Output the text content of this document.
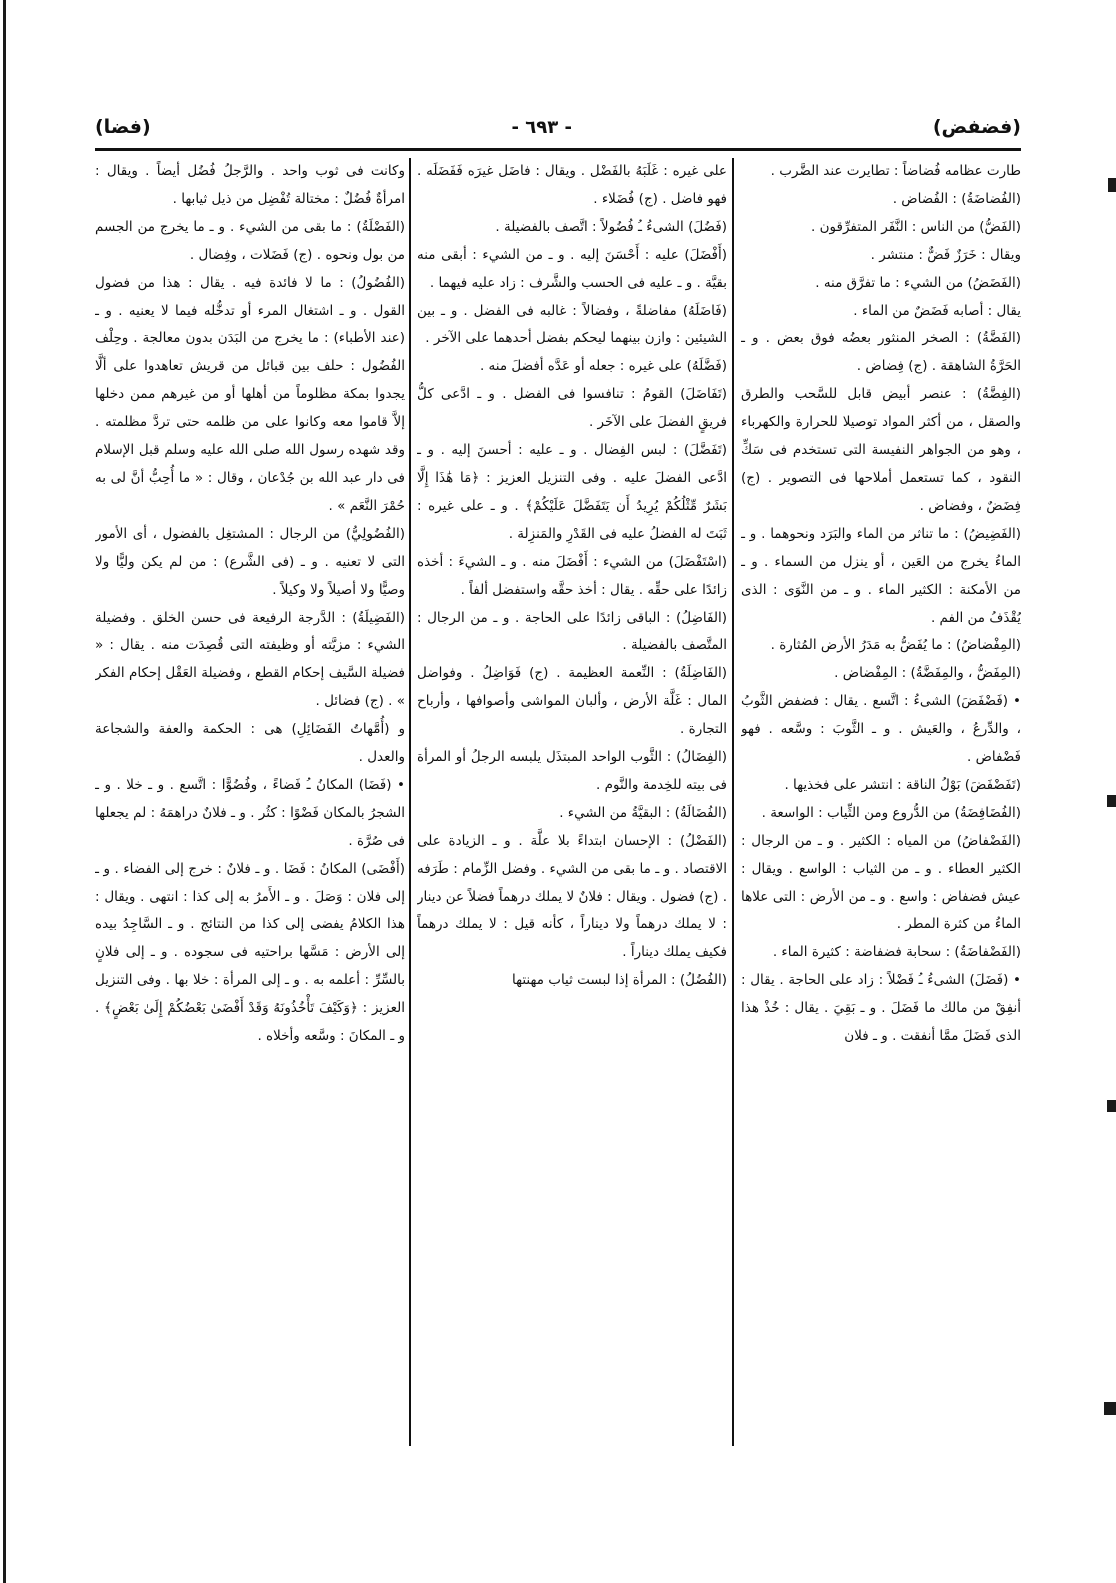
(فضفض)
- ٦٩٣ -
(فضا)

طارت عظامه فُضاضاً : تطايرت عند الضَّرب .

(الفُضاضَةُ) : الفُضاض .

(الفَضُّ) من الناس : النَّفَر المتفرِّقون .

ويقال : خَرَزٌ فَضٌّ : منتشر .

(الفَضَضُ) من الشيء : ما تفرَّق منه .

يقال : أصابه فَضَضٌ من الماء .

(الفَضَّةُ) : الصخر المنثور بعضُه فوق بعض . و ـ الحَرَّةُ الشاهقة . (ج) فِضاض .

(الفِضَّةُ) : عنصر أبيض قابل للسَّحب والطرق والصقل ، من أكثر المواد توصيلا للحرارة والكهرباء ، وهو من الجواهر النفيسة التى تستخدم فى سَكِّ النقود ، كما تستعمل أملاحها فى التصوير . (ج) فِضَضٌ ، وفضاض .

(الفَضِيضُ) : ما تناثر من الماء والبَرَد ونحوهما . و ـ الماءُ يخرج من العَين ، أو ينزل من السماء . و ـ من الأمكنة : الكثير الماء . و ـ من النَّوَى : الذى يُقْذَفُ من الفم .

(المِفْضاضُ) : ما يُفَضُّ به مَدَرُ الأرض المُثارة .

(المِفَضُّ ، والمِفَضَّةُ) : المِفْضاض .

• (فَضْفَضَ) الشىءُ : اتَّسع . يقال : فضفض الثَّوبُ ، والدِّرعُ ، والعَيش . و ـ الثَّوبَ : وسَّعه . فهو فَضْفاض .

(تَفَضْفَضَ) بَوْلُ الناقة : انتشر على فخذيها .

(الفُضَافِضَةُ) من الدُّروع ومن الثِّياب : الواسعة .

(الفَضْفاضُ) من المياه : الكثير . و ـ من الرجال : الكثير العطاء . و ـ من الثياب : الواسع . ويقال : عيش فضفاض : واسع . و ـ من الأرض : التى علاها الماءُ من كثرة المطر .

(الفَضْفاضَةُ) : سحابة فضفاضة : كثيرة الماء .

• (فَضَلَ) الشىءُ ـُ فَضْلاً : زاد على الحاجة . يقال : أنفِقْ من مالك ما فَضَلَ . و ـ بَقِيَ . يقال : خُذْ هذا الذى فَضَلَ ممَّا أنفقت . و ـ فلان

على غيره : غَلَبَهُ بالفَضْل . ويقال : فاضَل غيرَه فَفَضَلَه . فهو فاضل . (ج) فُضَلاء .

(فَضُلَ) الشىءُ ـُ فُضُولاً : اتَّصف بالفضيلة .

(أَفْضَلَ) عليه : أَحْسَنَ إليه . و ـ من الشيء : أبقى منه بقيَّة . و ـ عليه فى الحسب والشَّرف : زاد عليه فيهما .

(فَاضَلَهُ) مفاضلةً ، وفضالاً : غالبه فى الفضل . و ـ بين الشيئين : وازن بينهما ليحكم بفضل أحدهما على الآخر .

(فَضَّلَهُ) على غيره : جعله أو عَدَّه أفضلَ منه .

(تَفَاضَلَ) القومُ : تنافسوا فى الفضل . و ـ ادَّعى كلُّ فريقٍ الفضلَ على الآخَر .

(تَفَضَّلَ) : لبس الفِضال . و ـ عليه : أحسنَ إليه . و ـ ادَّعى الفضلَ عليه . وفى التنزيل العزيز : ﴿مَا هَٰذَا إِلَّا بَشَرٌ مِّثْلُكُمْ يُرِيدُ أَن يَتَفَضَّلَ عَلَيْكُمْ﴾ . و ـ على غيره : ثَبَتَ له الفضلُ عليه فى القَدْرِ والمَنزِلة .

(اسْتَفْضَلَ) من الشيء : أَفْضَلَ منه . و ـ الشيءَ : أخذه زائدًا على حقِّه . يقال : أخذ حقَّه واستفضل ألفاً .

(الفَاضِلُ) : الباقى زائدًا على الحاجة . و ـ من الرجال : المتَّصف بالفضيلة .

(الفَاضِلَةُ) : النِّعمة العظيمة . (ج) فَوَاضِلُ . وفواضل المال : غَلَّة الأرض ، وألبان المواشى وأصوافها ، وأرباح التجارة .

(الفِضَالُ) : الثَّوب الواحد المبتذَل يلبسه الرجلُ أو المرأة فى بيته للخِدمة والنَّوم .

(الفُضَالَةُ) : البقيَّةُ من الشيء .

(الفَضْلُ) : الإحسان ابتداءً بلا علَّة . و ـ الزيادة على الاقتصاد . و ـ ما بقى من الشيء . وفضل الزِّمام : طَرَفه . (ج) فضول . ويقال : فلانٌ لا يملك درهماً فضلاً عن دينار : لا يملك درهماً ولا ديناراً ، كأنه قيل : لا يملك درهماً فكيف يملك ديناراً .

(الفُضُلُ) : المرأة إذا لبست ثياب مهنتها

وكانت فى ثوب واحد . والرَّجلُ فُضُل أيضاً . ويقال : امرأةٌ فُضُلٌ : مختالة تُفْضِل من ذيل ثيابها .

(الفَضْلَةُ) : ما بقى من الشيء . و ـ ما يخرج من الجسم من بول ونحوه . (ج) فَضَلات ، وفِضال .

(الفُضُولُ) : ما لا فائدة فيه . يقال : هذا من فضول القول . و ـ اشتغال المرء أو تدخُّله فيما لا يعنيه . و ـ (عند الأطباء) : ما يخرج من البَدَن بدون معالجة . وحِلْف الفُضُول : حلف بين قبائل من قريش تعاهدوا على ألَّا يجدوا بمكة مظلوماً من أهلها أو من غيرهم ممن دخلها إلاَّ قاموا معه وكانوا على من ظلمه حتى تردَّ مظلمته . وقد شهده رسول الله صلى الله عليه وسلم قبل الإسلام فى دار عبد الله بن جُدْعان ، وقال : « ما أُحِبُّ أنَّ لى به حُمْرَ النَّعَم » .

(الفُضُولِيُّ) من الرجال : المشتغِل بالفضول ، أى الأمور التى لا تعنيه . و ـ (فى الشَّرع) : من لم يكن وليًّا ولا وصيًّا ولا أصيلاً ولا وكيلاً .

(الفَضِيلَةُ) : الدَّرجة الرفيعة فى حسن الخلق . وفضيلة الشيء : مزيَّته أو وظيفته التى قُصِدَت منه . يقال : « فضيلة السَّيف إحكام القطع ، وفضيلة العَقْل إحكام الفكر » . (ج) فضائل .

و (أُمَّهاتُ الفَضَائِلِ) هى : الحكمة والعفة والشجاعة والعدل .

• (فَضَا) المكانُ ـُ فَضاءً ، وفُضُوًّا : اتَّسع . و ـ خلا . و ـ الشجرُ بالمكان فَضْوًا : كثُر . و ـ فلانٌ دراهمَهُ : لم يجعلها فى صُرَّة .

(أَفْضَى) المكانُ : فَضَا . و ـ فلانٌ : خرج إلى الفضاء . و ـ إلى فلان : وَصَلَ . و ـ الأَمرُ به إلى كذا : انتهى . ويقال : هذا الكلامُ يفضى إلى كذا من النتائج . و ـ السَّاجِدُ بيده إلى الأرض : مَسَّها براحتيه فى سجوده . و ـ إلى فلانٍ بالسِّرِّ : أعلمه به . و ـ إلى المرأة : خلا بها . وفى التنزيل العزيز : ﴿وَكَيْفَ تَأْخُذُونَهُ وَقَدْ أَفْضَىٰ بَعْضُكُمْ إِلَىٰ بَعْضٍ﴾ . و ـ المكانَ : وسَّعه وأخلاه .
